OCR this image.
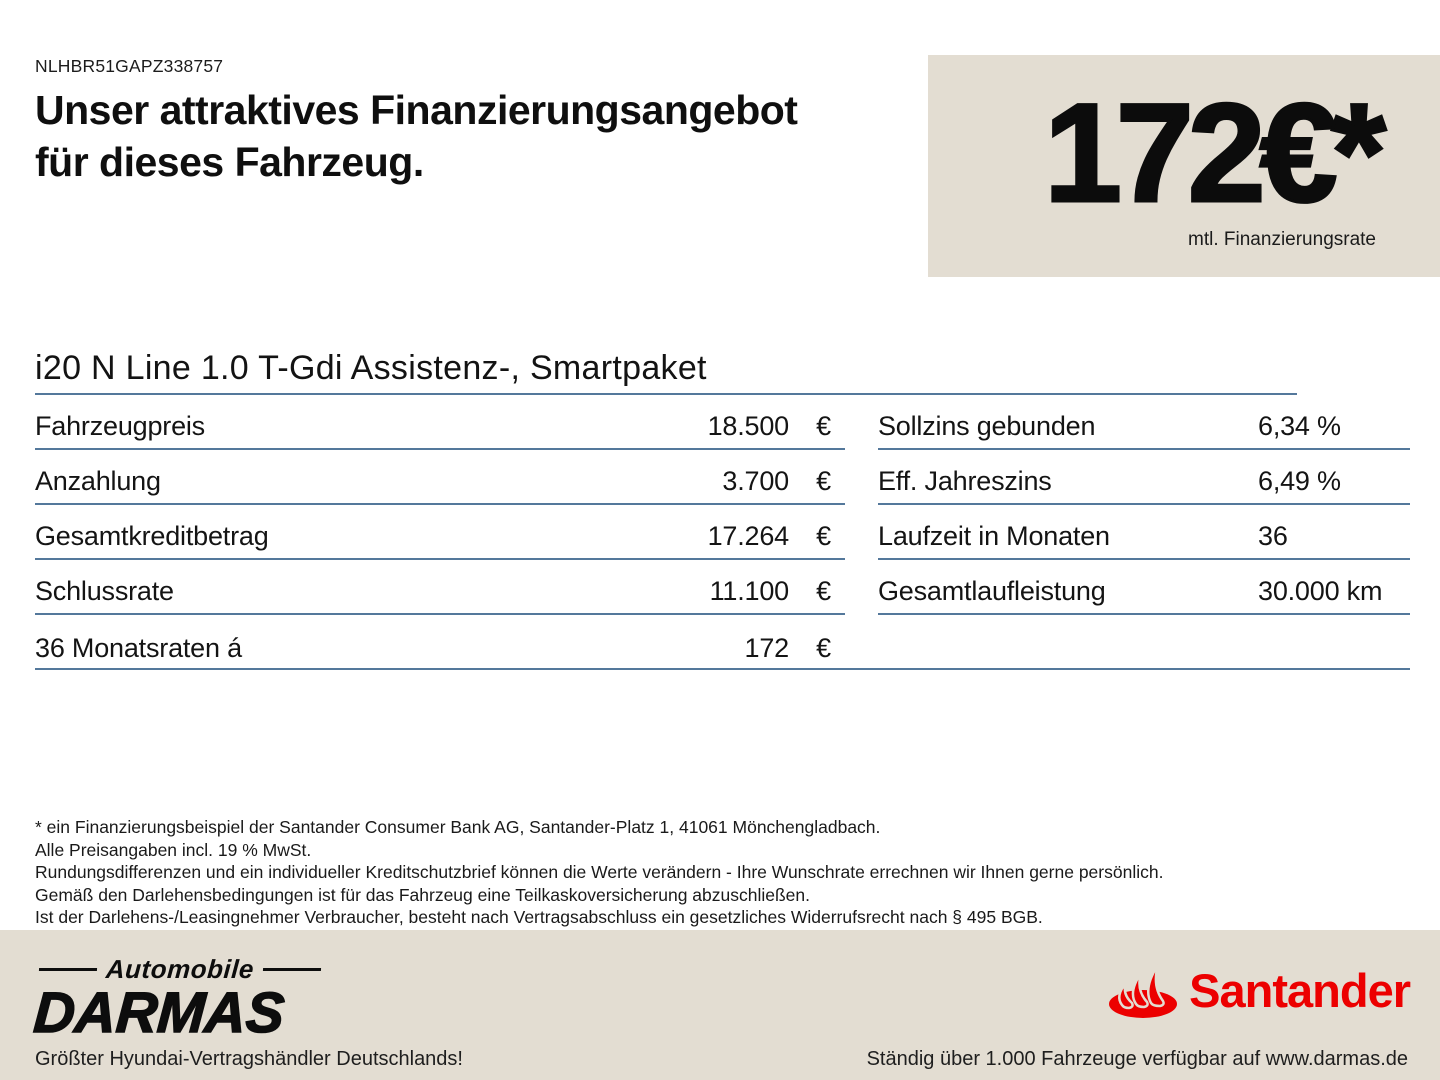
NLHBR51GAPZ338757
Unser attraktives Finanzierungsangebot
für dieses Fahrzeug.	172€*
mtl. Finanzierungsrate
i20 N Line 1.0 T-Gdi Assistenz-, Smartpaket
Fahrzeugpreis	18.500	€
Anzahlung	3.700	€
Gesamtkreditbetrag	17.264	€
Schlussrate	11.100	€
36 Monatsraten á	172	€
Sollzins gebunden	6,34 %
Eff. Jahreszins	6,49 %
Laufzeit in Monaten	36
Gesamtlaufleistung	30.000 km
* ein Finanzierungsbeispiel der Santander Consumer Bank AG, Santander-Platz 1, 41061 Mönchengladbach.
Alle Preisangaben incl. 19 % MwSt.
Rundungsdifferenzen und ein individueller Kreditschutzbrief können die Werte verändern - Ihre Wunschrate errechnen wir Ihnen gerne persönlich.
Gemäß den Darlehensbedingungen ist für das Fahrzeug eine Teilkaskoversicherung abzuschließen.
Ist der Darlehens-/Leasingnehmer Verbraucher, besteht nach Vertragsabschluss ein gesetzliches Widerrufsrecht nach § 495 BGB.
Automobile
DARMAS	Santander
Größter Hyundai-Vertragshändler Deutschlands!	Ständig über 1.000 Fahrzeuge verfügbar auf www.darmas.de
